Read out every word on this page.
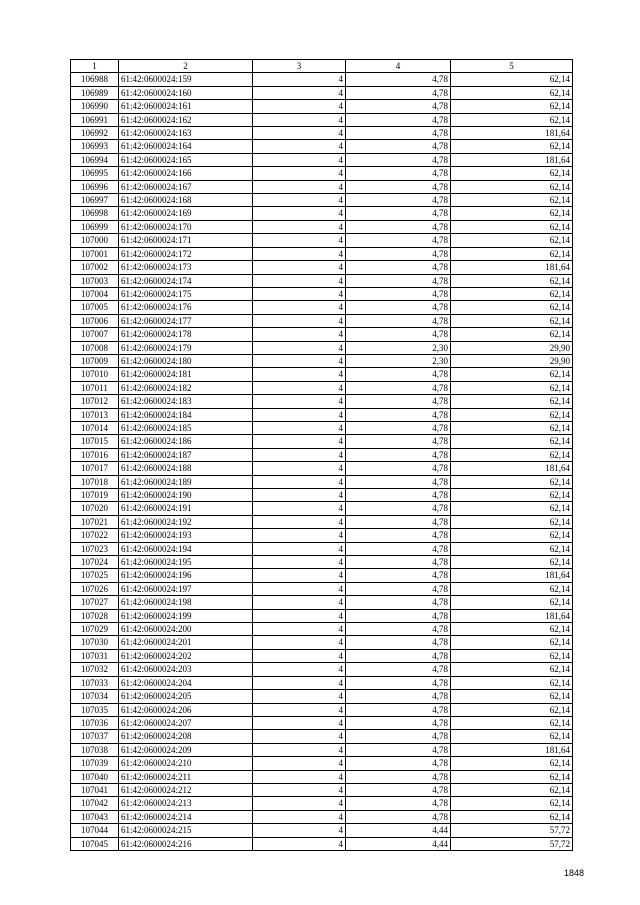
1	2	3	4	5
106988	61:42:0600024:159	4	4,78	62,14
106989	61:42:0600024:160	4	4,78	62,14
106990	61:42:0600024:161	4	4,78	62,14
106991	61:42:0600024:162	4	4,78	62,14
106992	61:42:0600024:163	4	4,78	181,64
106993	61:42:0600024:164	4	4,78	62,14
106994	61:42:0600024:165	4	4,78	181,64
106995	61:42:0600024:166	4	4,78	62,14
106996	61:42:0600024:167	4	4,78	62,14
106997	61:42:0600024:168	4	4,78	62,14
106998	61:42:0600024:169	4	4,78	62,14
106999	61:42:0600024:170	4	4,78	62,14
107000	61:42:0600024:171	4	4,78	62,14
107001	61:42:0600024:172	4	4,78	62,14
107002	61:42:0600024:173	4	4,78	181,64
107003	61:42:0600024:174	4	4,78	62,14
107004	61:42:0600024:175	4	4,78	62,14
107005	61:42:0600024:176	4	4,78	62,14
107006	61:42:0600024:177	4	4,78	62,14
107007	61:42:0600024:178	4	4,78	62,14
107008	61:42:0600024:179	4	2,30	29,90
107009	61:42:0600024:180	4	2,30	29,90
107010	61:42:0600024:181	4	4,78	62,14
107011	61:42:0600024:182	4	4,78	62,14
107012	61:42:0600024:183	4	4,78	62,14
107013	61:42:0600024:184	4	4,78	62,14
107014	61:42:0600024:185	4	4,78	62,14
107015	61:42:0600024:186	4	4,78	62,14
107016	61:42:0600024:187	4	4,78	62,14
107017	61:42:0600024:188	4	4,78	181,64
107018	61:42:0600024:189	4	4,78	62,14
107019	61:42:0600024:190	4	4,78	62,14
107020	61:42:0600024:191	4	4,78	62,14
107021	61:42:0600024:192	4	4,78	62,14
107022	61:42:0600024:193	4	4,78	62,14
107023	61:42:0600024:194	4	4,78	62,14
107024	61:42:0600024:195	4	4,78	62,14
107025	61:42:0600024:196	4	4,78	181,64
107026	61:42:0600024:197	4	4,78	62,14
107027	61:42:0600024:198	4	4,78	62,14
107028	61:42:0600024:199	4	4,78	181,64
107029	61:42:0600024:200	4	4,78	62,14
107030	61:42:0600024:201	4	4,78	62,14
107031	61:42:0600024:202	4	4,78	62,14
107032	61:42:0600024:203	4	4,78	62,14
107033	61:42:0600024:204	4	4,78	62,14
107034	61:42:0600024:205	4	4,78	62,14
107035	61:42:0600024:206	4	4,78	62,14
107036	61:42:0600024:207	4	4,78	62,14
107037	61:42:0600024:208	4	4,78	62,14
107038	61:42:0600024:209	4	4,78	181,64
107039	61:42:0600024:210	4	4,78	62,14
107040	61:42:0600024:211	4	4,78	62,14
107041	61:42:0600024:212	4	4,78	62,14
107042	61:42:0600024:213	4	4,78	62,14
107043	61:42:0600024:214	4	4,78	62,14
107044	61:42:0600024:215	4	4,44	57,72
107045	61:42:0600024:216	4	4,44	57,72
1848
